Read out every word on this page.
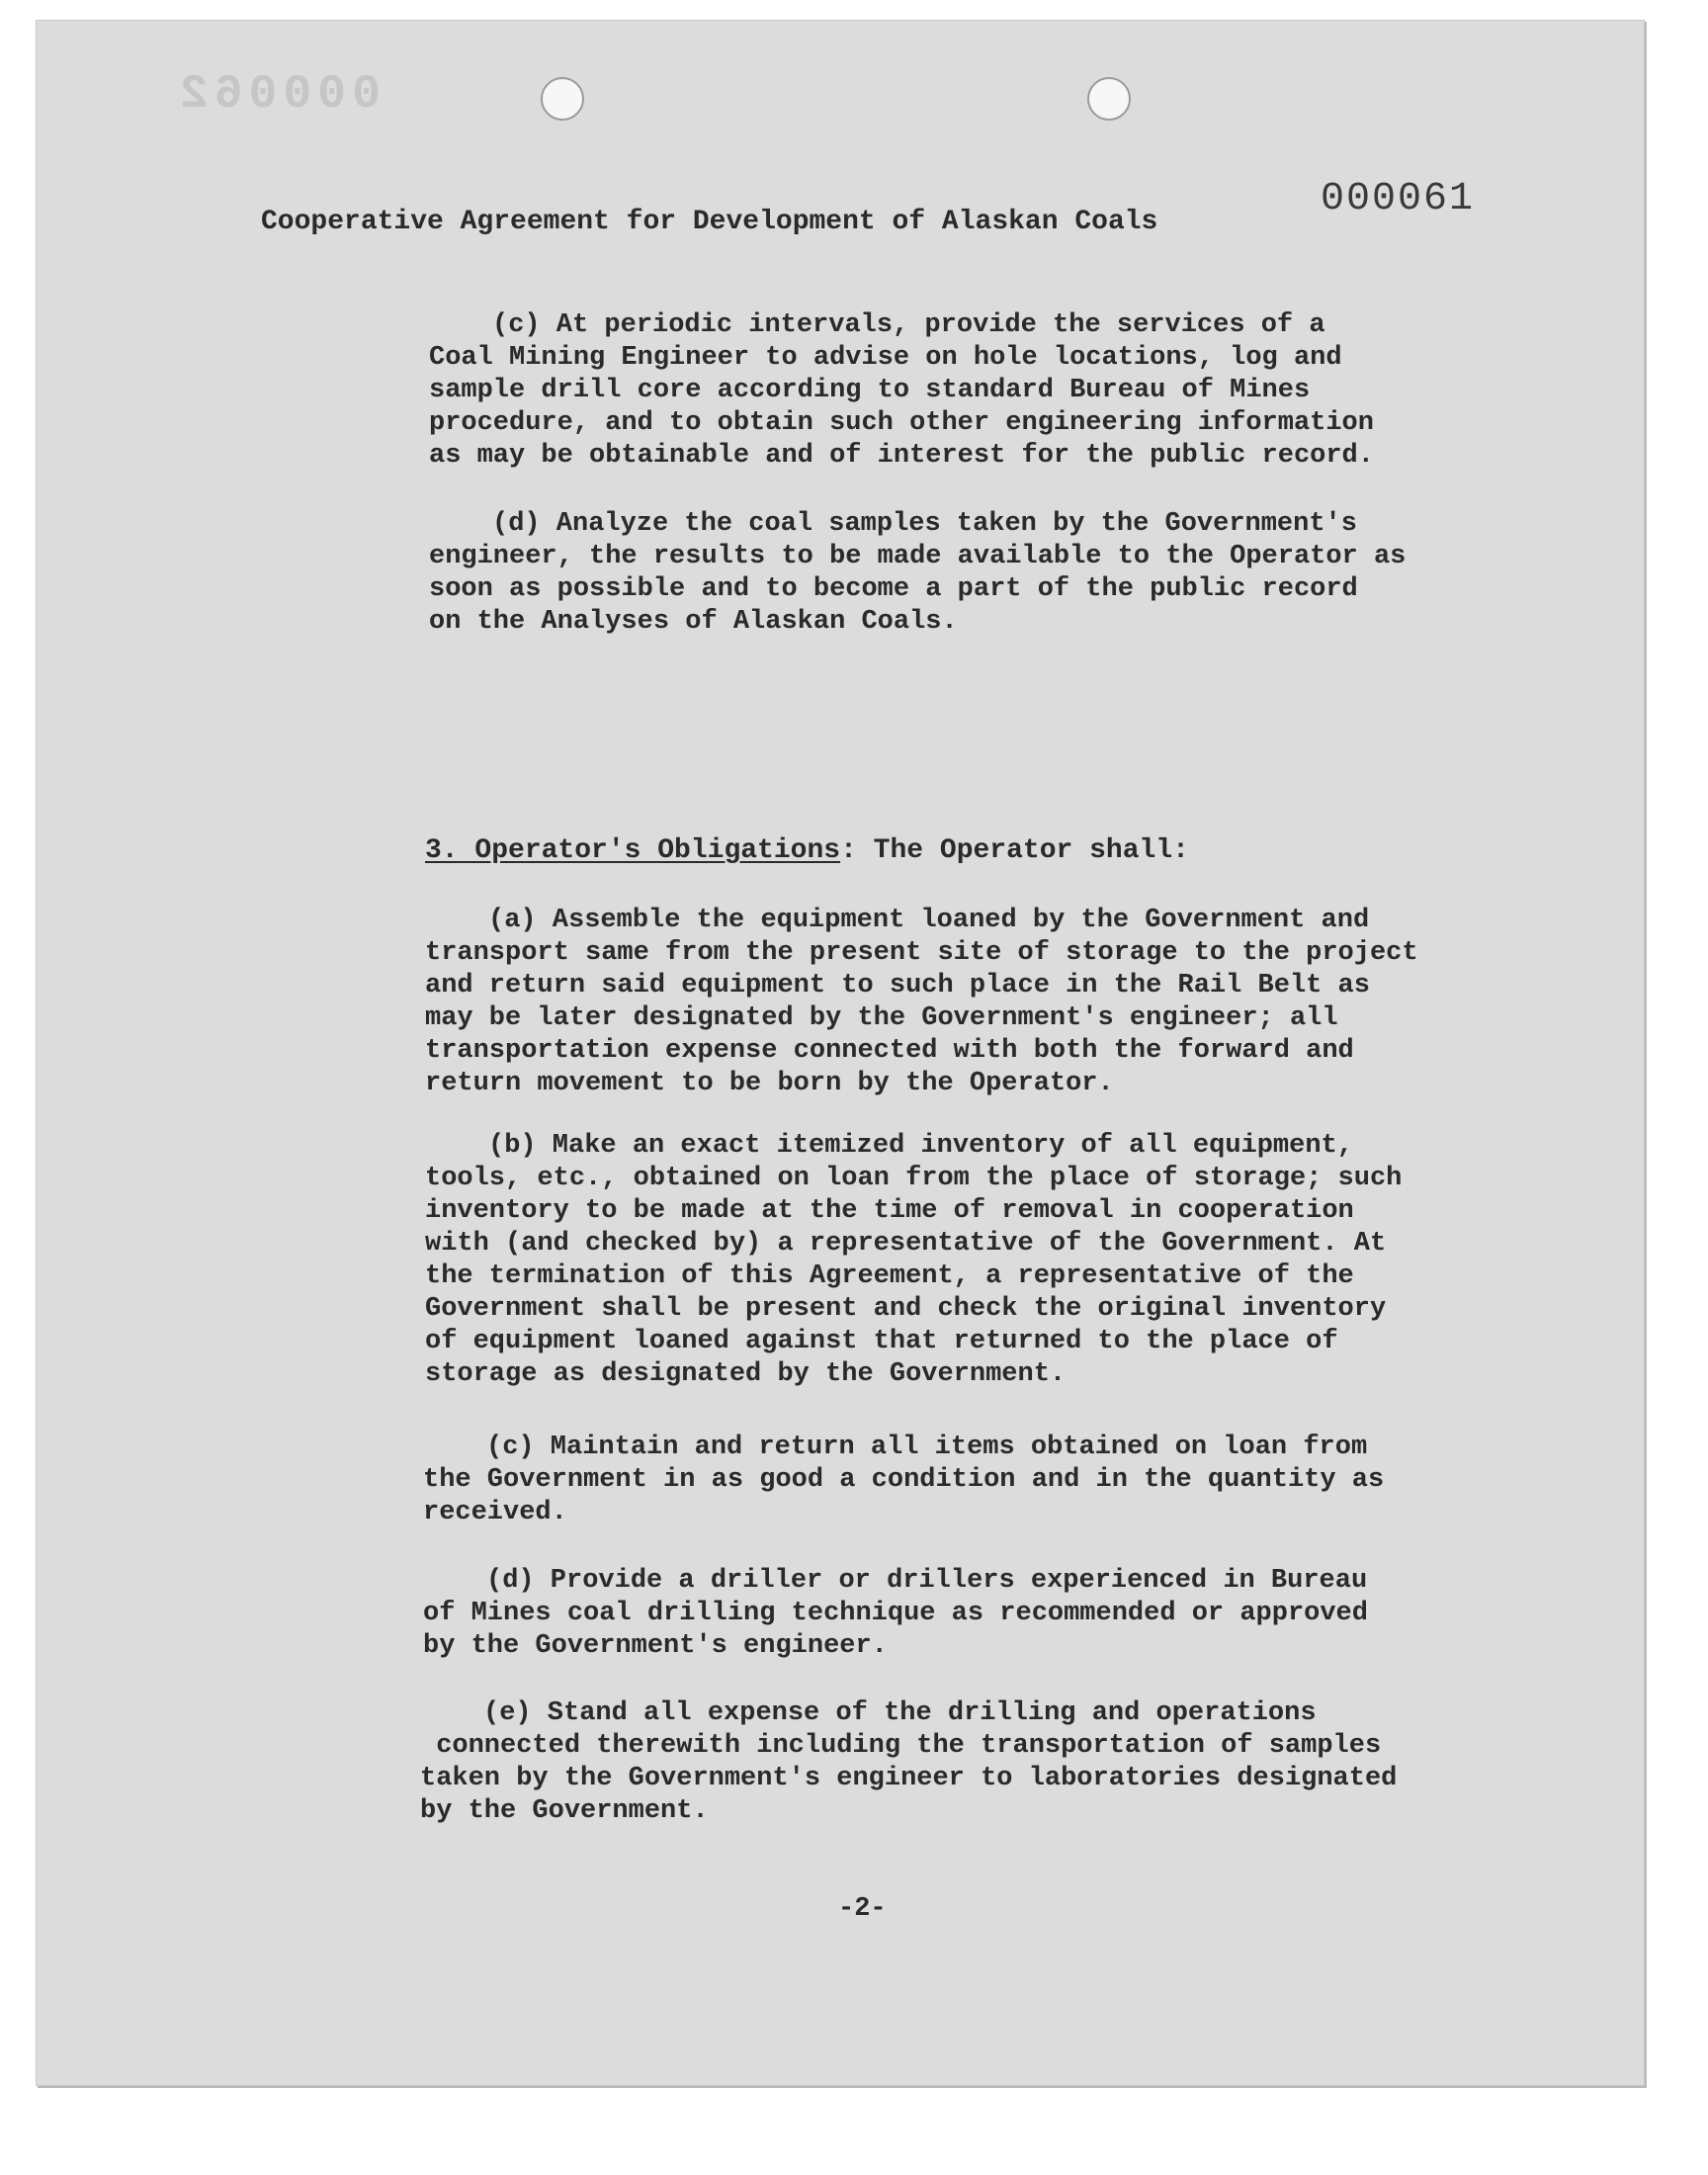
000062

000061

Cooperative Agreement for Development of Alaskan Coals

(c) At periodic intervals, provide the services of a
Coal Mining Engineer to advise on hole locations, log and
sample drill core according to standard Bureau of Mines
procedure, and to obtain such other engineering information
as may be obtainable and of interest for the public record.

(d) Analyze the coal samples taken by the Government's
engineer, the results to be made available to the Operator as
soon as possible and to become a part of the public record
on the Analyses of Alaskan Coals.

3. Operator's Obligations: The Operator shall:

(a) Assemble the equipment loaned by the Government and
transport same from the present site of storage to the project
and return said equipment to such place in the Rail Belt as
may be later designated by the Government's engineer; all
transportation expense connected with both the forward and
return movement to be born by the Operator.

(b) Make an exact itemized inventory of all equipment,
tools, etc., obtained on loan from the place of storage; such
inventory to be made at the time of removal in cooperation
with (and checked by) a representative of the Government. At
the termination of this Agreement, a representative of the
Government shall be present and check the original inventory
of equipment loaned against that returned to the place of
storage as designated by the Government.

(c) Maintain and return all items obtained on loan from
the Government in as good a condition and in the quantity as
received.

(d) Provide a driller or drillers experienced in Bureau
of Mines coal drilling technique as recommended or approved
by the Government's engineer.

(e) Stand all expense of the drilling and operations
connected therewith including the transportation of samples
taken by the Government's engineer to laboratories designated
by the Government.

-2-
